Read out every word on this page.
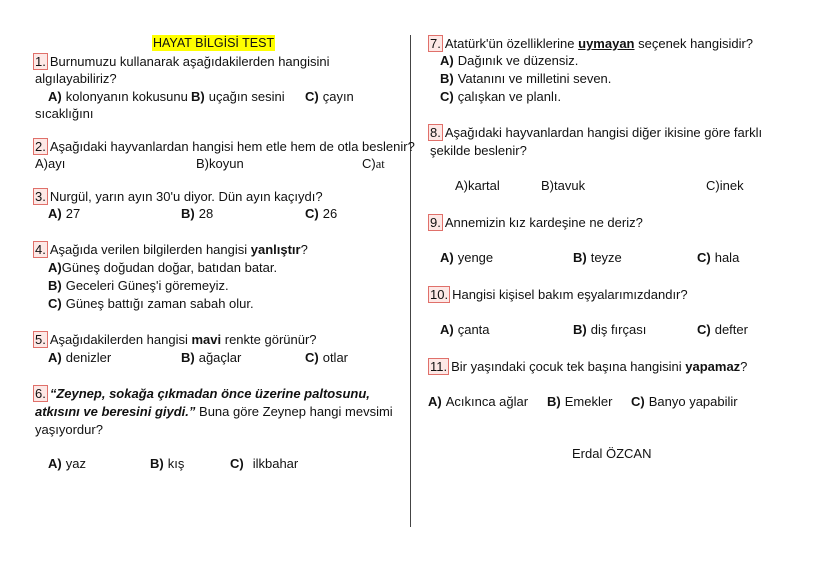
HAYAT BİLGİSİ TEST
1. Burnumuzu kullanarak aşağıdakilerden hangisini
algılayabiliriz?
A) kolonyanın kokusunu B) uçağın sesini C) çayın
sıcaklığını
2. Aşağıdaki hayvanlardan hangisi hem etle hem de otla beslenir?
A)ayı	B)koyun	C)at
3. Nurgül, yarın ayın 30'u diyor. Dün ayın kaçıydı?
A) 27	B) 28	C) 26
4. Aşağıda verilen bilgilerden hangisi yanlıştır?
A)Güneş doğudan doğar, batıdan batar.
B) Geceleri Güneş'i göremeyiz.
C) Güneş battığı zaman sabah olur.
5. Aşağıdakilerden hangisi mavi renkte görünür?
A) denizler	B) ağaçlar	C) otlar
6. “Zeynep, sokağa çıkmadan önce üzerine paltosunu,
atkısını ve beresini giydi.” Buna göre Zeynep hangi mevsimi
yaşıyordur?
A) yaz	B) kış	C) ilkbahar
7. Atatürk'ün özelliklerine uymayan seçenek hangisidir?
A) Dağınık ve düzensiz.
B) Vatanını ve milletini seven.
C) çalışkan ve planlı.
8. Aşağıdaki hayvanlardan hangisi diğer ikisine göre farklı
şekilde beslenir?
A)kartal	B)tavuk	C)inek
9. Annemizin kız kardeşine ne deriz?
A) yenge	B) teyze	C) hala
10. Hangisi kişisel bakım eşyalarımızdandır?
A) çanta	B) diş fırçası	C) defter
11. Bir yaşındaki çocuk tek başına hangisini yapamaz?
A) Acıkınca ağlar B) Emekler C) Banyo yapabilir
Erdal ÖZCAN
